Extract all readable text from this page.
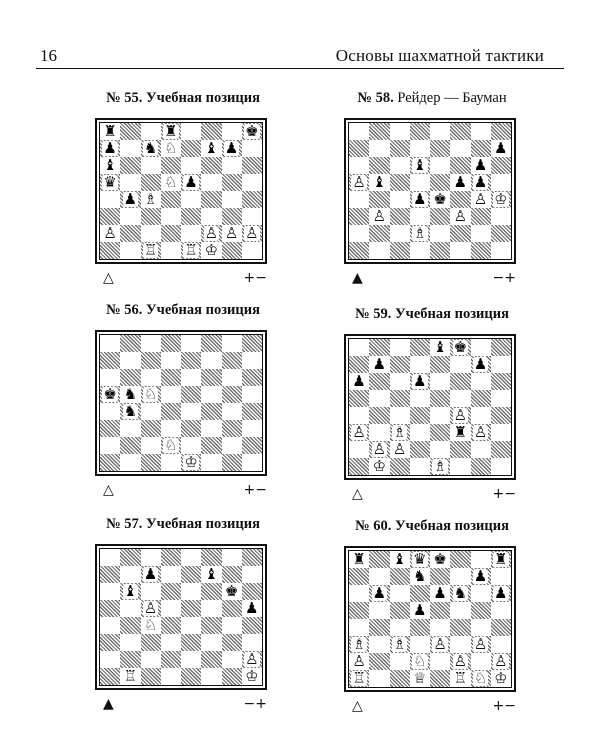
16	Основы шахматной тактики
№ 55. Учебная позиция
♜	♜	♚
♟ ♞ ♘ ♝ ♟
♝
♛	♘ ♟
♟ ♗
♙	♙ ♙ ♙
♖ ♖ ♔
△	+−
№ 58. Рейдер — Бауман
♟
♝	♟
♙ ♝	♟ ♟
♟ ♚ ♙ ♔
♙	♙
♗
▲	−+
№ 56. Учебная позиция
♚ ♞ ♘
♞
♘
♔
△	+−
№ 59. Учебная позиция
♝ ♚
♟	♟
♟	♟
♙
♙ ♗	♜ ♙
♙ ♙
♔	♗
△	+−
№ 57. Учебная позиция
♟	♝
♝	♚
♙	♟
♘
♙
♖	♔
▲	−+
№ 60. Учебная позиция
♜ ♝ ♛ ♚	♜
♞	♟
♟	♟ ♞ ♟
♟
♗ ♗ ♙ ♙
♙	♘ ♙ ♙
♖	♕ ♖ ♘ ♔
△	+−
